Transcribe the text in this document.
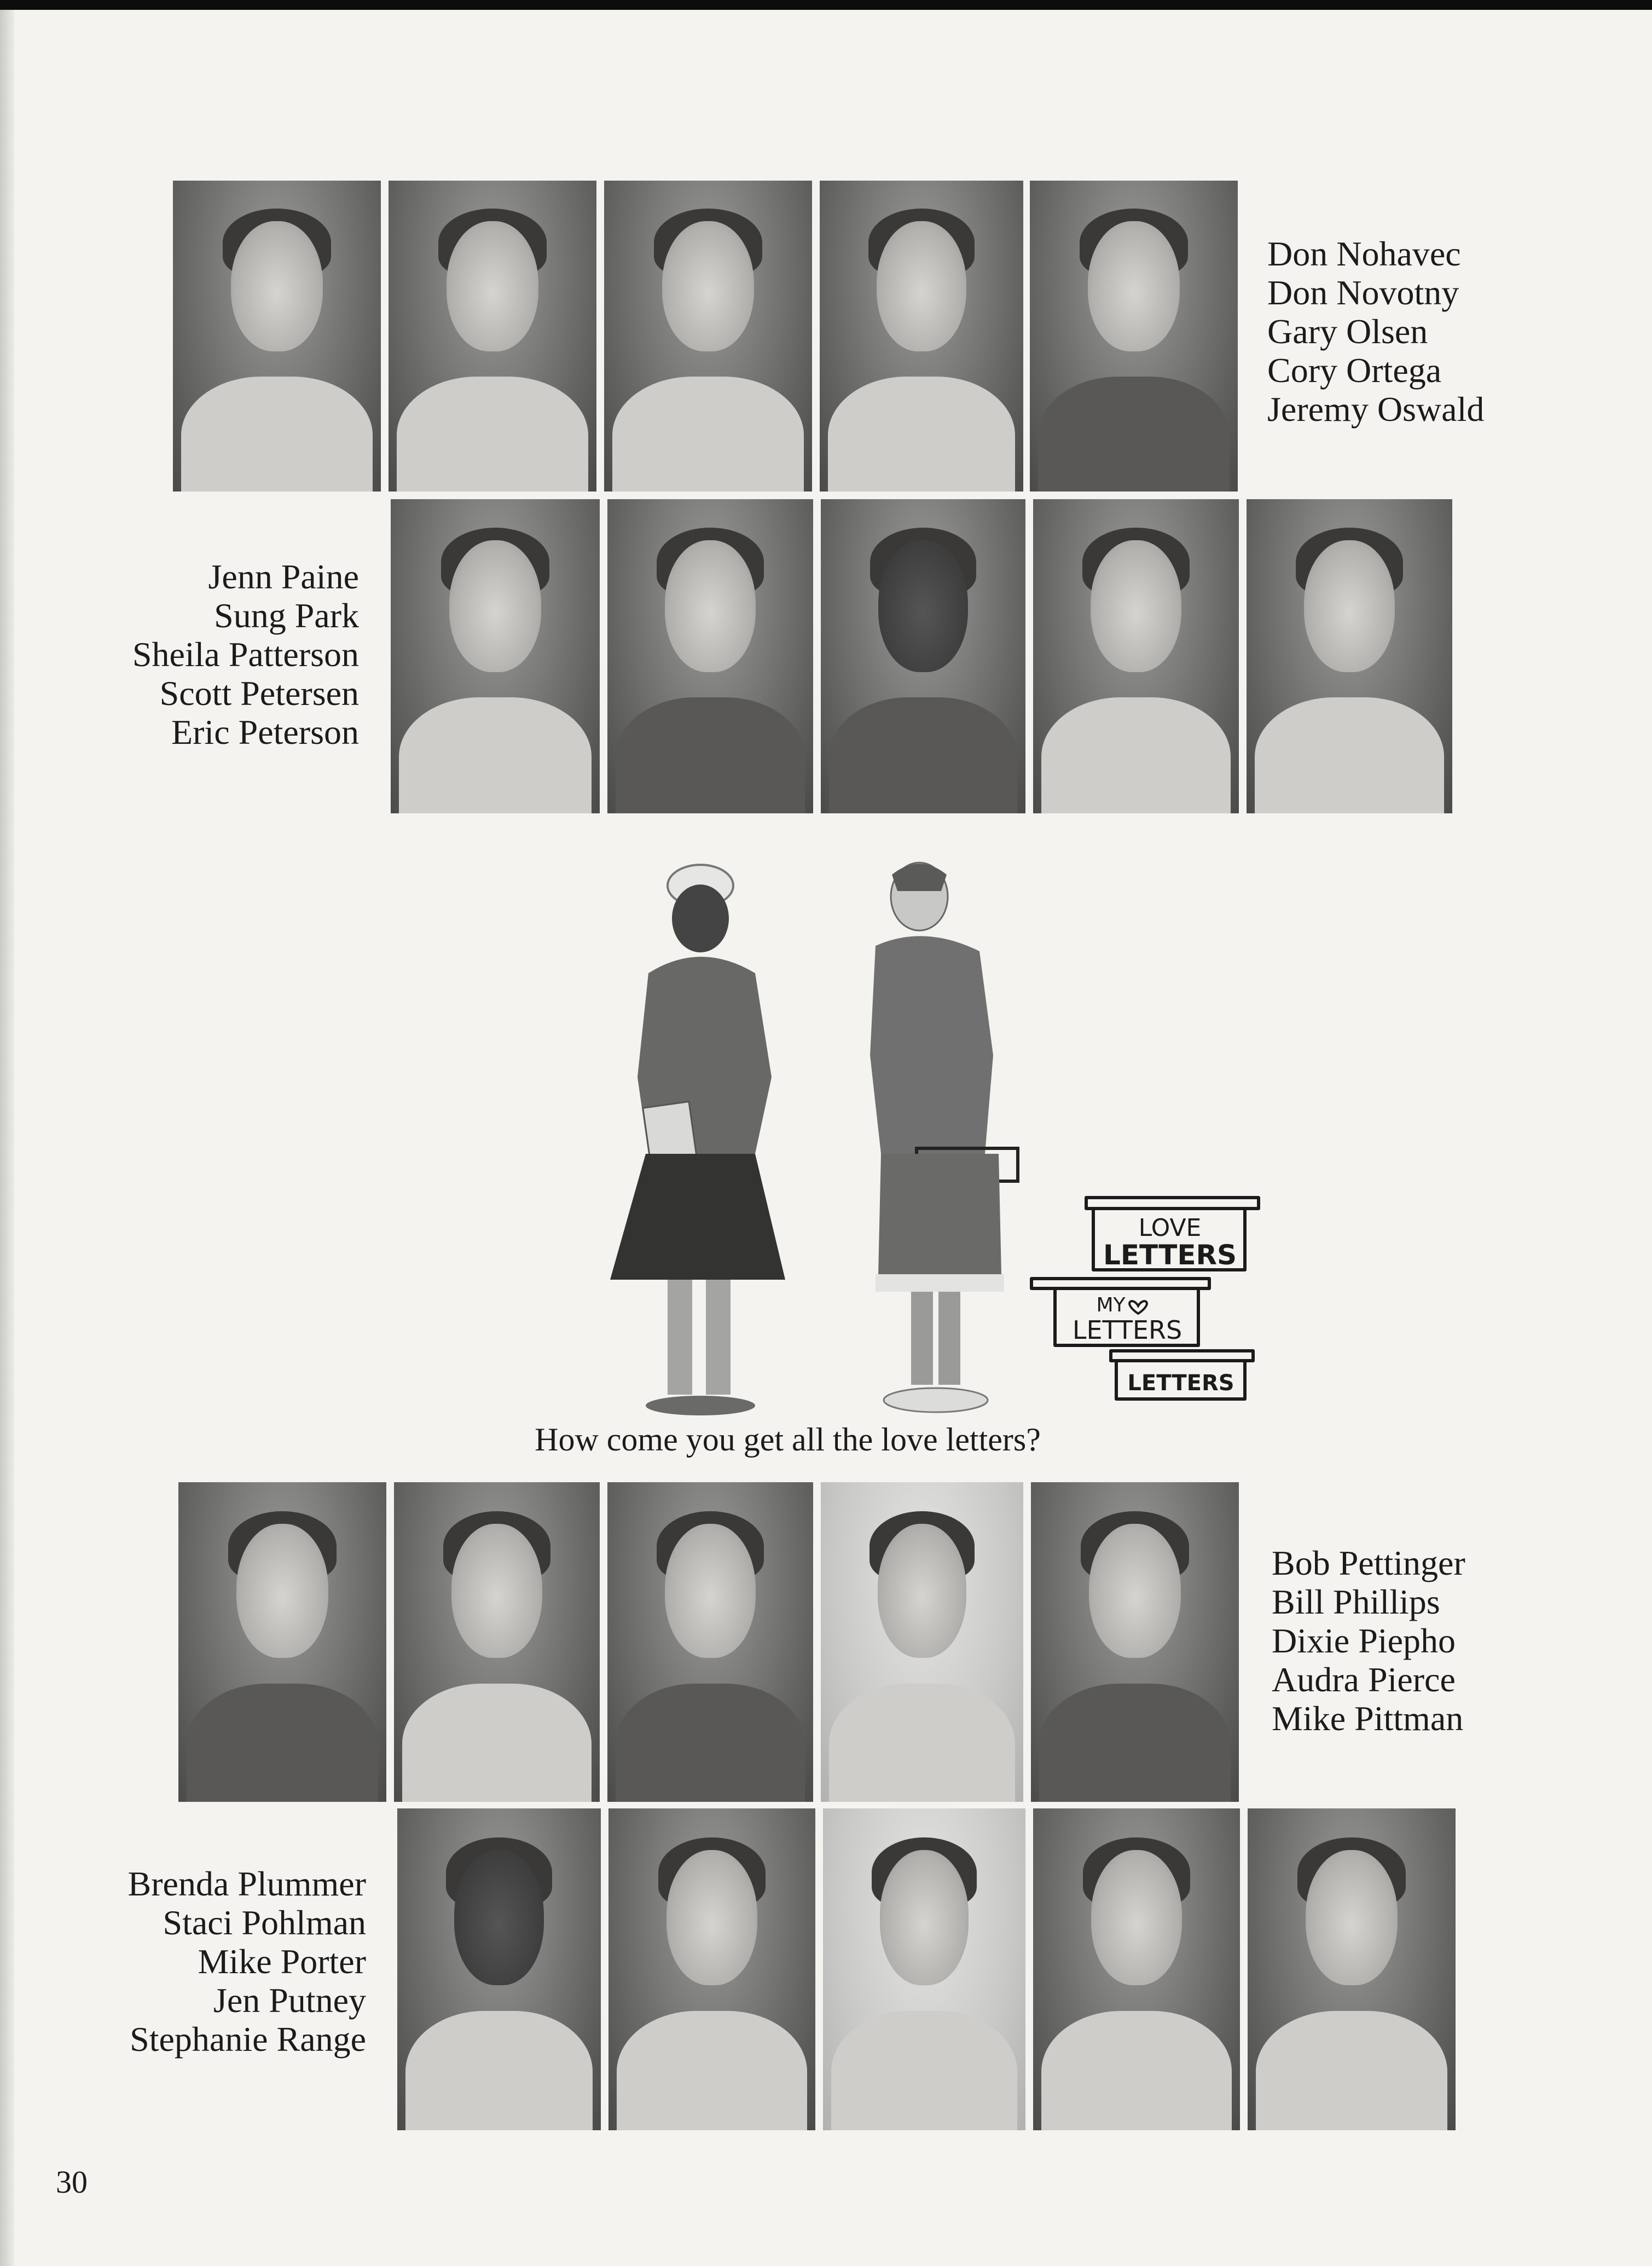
Don Nohavec
Don Novotny
Gary Olsen
Cory Ortega
Jeremy Oswald
Jenn Paine
Sung Park
Sheila Patterson
Scott Petersen
Eric Peterson
LOVE
LETTERS
MY
LETTERS
LETTERS
How come you get all the love letters?
Bob Pettinger
Bill Phillips
Dixie Piepho
Audra Pierce
Mike Pittman
Brenda Plummer
Staci Pohlman
Mike Porter
Jen Putney
Stephanie Range
30
